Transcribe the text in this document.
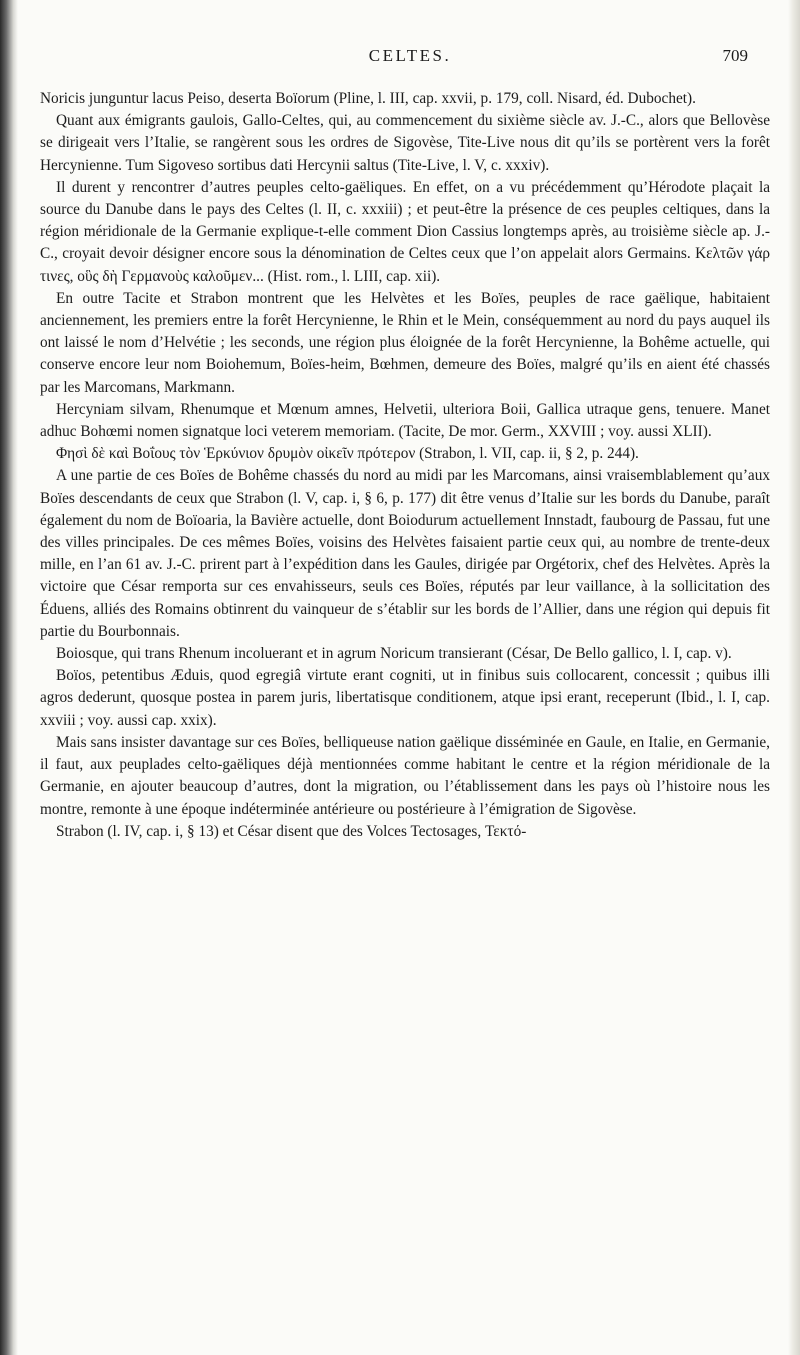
CELTES.	709

Noricis junguntur lacus Peiso, deserta Boïorum (Pline, l. III, cap. xxvii, p. 179, coll. Nisard, éd. Dubochet).

Quant aux émigrants gaulois, Gallo-Celtes, qui, au commencement du sixième siècle av. J.-C., alors que Bellovèse se dirigeait vers l’Italie, se rangèrent sous les ordres de Sigovèse, Tite-Live nous dit qu’ils se portèrent vers la forêt Hercynienne. Tum Sigoveso sortibus dati Hercynii saltus (Tite-Live, l. V, c. xxxiv).

Il durent y rencontrer d’autres peuples celto-gaëliques. En effet, on a vu précédemment qu’Hérodote plaçait la source du Danube dans le pays des Celtes (l. II, c. xxxiii) ; et peut-être la présence de ces peuples celtiques, dans la région méridionale de la Germanie explique-t-elle comment Dion Cassius longtemps après, au troisième siècle ap. J.-C., croyait devoir désigner encore sous la dénomination de Celtes ceux que l’on appelait alors Germains. Κελτῶν γάρ τινες, οὓς δὴ Γερμανοὺς καλοῦμεν... (Hist. rom., l. LIII, cap. xii).

En outre Tacite et Strabon montrent que les Helvètes et les Boïes, peuples de race gaëlique, habitaient anciennement, les premiers entre la forêt Hercynienne, le Rhin et le Mein, conséquemment au nord du pays auquel ils ont laissé le nom d’Helvétie ; les seconds, une région plus éloignée de la forêt Hercynienne, la Bohême actuelle, qui conserve encore leur nom Boiohemum, Boïes-heim, Bœhmen, demeure des Boïes, malgré qu’ils en aient été chassés par les Marcomans, Markmann.

Hercyniam silvam, Rhenumque et Mœnum amnes, Helvetii, ulteriora Boii, Gallica utraque gens, tenuere. Manet adhuc Bohœmi nomen signatque loci veterem memoriam. (Tacite, De mor. Germ., XXVIII ; voy. aussi XLII).

Φησὶ δὲ καὶ Βοΐους τὸν Ἑρκύνιον δρυμὸν οἰκεῖν πρότερον (Strabon, l. VII, cap. ii, § 2, p. 244).

A une partie de ces Boïes de Bohême chassés du nord au midi par les Marcomans, ainsi vraisemblablement qu’aux Boïes descendants de ceux que Strabon (l. V, cap. i, § 6, p. 177) dit être venus d’Italie sur les bords du Danube, paraît également du nom de Boïoaria, la Bavière actuelle, dont Boiodurum actuellement Innstadt, faubourg de Passau, fut une des villes principales. De ces mêmes Boïes, voisins des Helvètes faisaient partie ceux qui, au nombre de trente-deux mille, en l’an 61 av. J.-C. prirent part à l’expédition dans les Gaules, dirigée par Orgétorix, chef des Helvètes. Après la victoire que César remporta sur ces envahisseurs, seuls ces Boïes, réputés par leur vaillance, à la sollicitation des Éduens, alliés des Romains obtinrent du vainqueur de s’établir sur les bords de l’Allier, dans une région qui depuis fit partie du Bourbonnais.

Boiosque, qui trans Rhenum incoluerant et in agrum Noricum transierant (César, De Bello gallico, l. I, cap. v).

Boïos, petentibus Æduis, quod egregiâ virtute erant cogniti, ut in finibus suis collocarent, concessit ; quibus illi agros dederunt, quosque postea in parem juris, libertatisque conditionem, atque ipsi erant, receperunt (Ibid., l. I, cap. xxviii ; voy. aussi cap. xxix).

Mais sans insister davantage sur ces Boïes, belliqueuse nation gaëlique disséminée en Gaule, en Italie, en Germanie, il faut, aux peuplades celto-gaëliques déjà mentionnées comme habitant le centre et la région méridionale de la Germanie, en ajouter beaucoup d’autres, dont la migration, ou l’établissement dans les pays où l’histoire nous les montre, remonte à une époque indéterminée antérieure ou postérieure à l’émigration de Sigovèse.

Strabon (l. IV, cap. i, § 13) et César disent que des Volces Tectosages, Τεκτό-
